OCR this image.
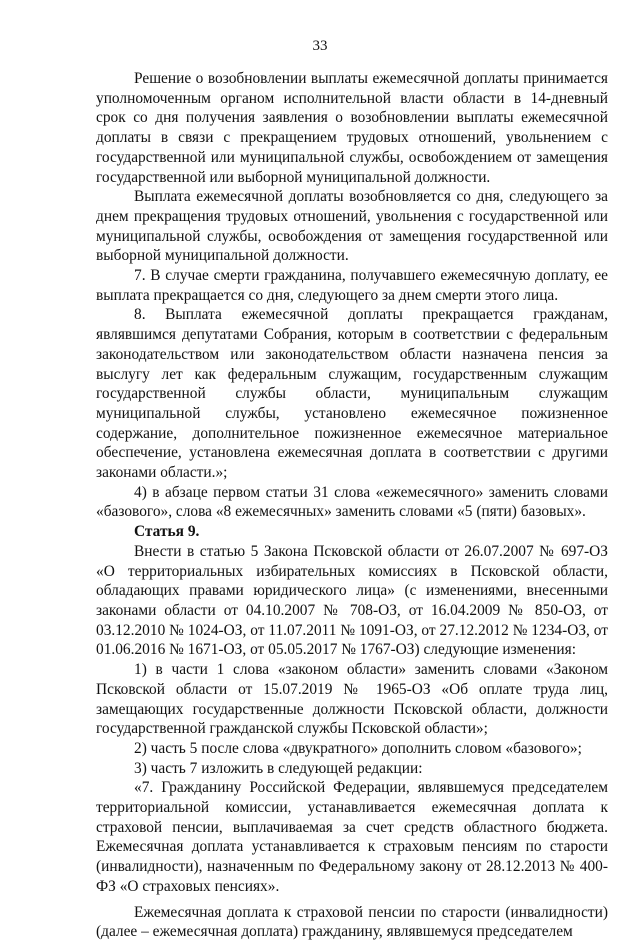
33

Решение о возобновлении выплаты ежемесячной доплаты принимается уполномоченным органом исполнительной власти области в 14-дневный срок со дня получения заявления о возобновлении выплаты ежемесячной доплаты в связи с прекращением трудовых отношений, увольнением с государственной или муниципальной службы, освобождением от замещения государственной или выборной муниципальной должности.

Выплата ежемесячной доплаты возобновляется со дня, следующего за днем прекращения трудовых отношений, увольнения с государственной или муниципальной службы, освобождения от замещения государственной или выборной муниципальной должности.

7. В случае смерти гражданина, получавшего ежемесячную доплату, ее выплата прекращается со дня, следующего за днем смерти этого лица.

8. Выплата ежемесячной доплаты прекращается гражданам, являвшимся депутатами Собрания, которым в соответствии с федеральным законодательством или законодательством области назначена пенсия за выслугу лет как федеральным служащим, государственным служащим государственной службы области, муниципальным служащим муниципальной службы, установлено ежемесячное пожизненное содержание, дополнительное пожизненное ежемесячное материальное обеспечение, установлена ежемесячная доплата в соответствии с другими законами области.»;

4) в абзаце первом статьи 31 слова «ежемесячного» заменить словами «базового», слова «8 ежемесячных» заменить словами «5 (пяти) базовых».

Статья 9.

Внести в статью 5 Закона Псковской области от 26.07.2007 № 697-ОЗ «О территориальных избирательных комиссиях в Псковской области, обладающих правами юридического лица» (с изменениями, внесенными законами области от 04.10.2007 № 708-ОЗ, от 16.04.2009 № 850-ОЗ, от 03.12.2010 № 1024-ОЗ, от 11.07.2011 № 1091-ОЗ, от 27.12.2012 № 1234-ОЗ, от 01.06.2016 № 1671-ОЗ, от 05.05.2017 № 1767-ОЗ) следующие изменения:

1) в части 1 слова «законом области» заменить словами «Законом Псковской области от 15.07.2019 № 1965-ОЗ «Об оплате труда лиц, замещающих государственные должности Псковской области, должности государственной гражданской службы Псковской области»;

2) часть 5 после слова «двукратного» дополнить словом «базового»;

3) часть 7 изложить в следующей редакции:

«7. Гражданину Российской Федерации, являвшемуся председателем территориальной комиссии, устанавливается ежемесячная доплата к страховой пенсии, выплачиваемая за счет средств областного бюджета. Ежемесячная доплата устанавливается к страховым пенсиям по старости (инвалидности), назначенным по Федеральному закону от 28.12.2013 № 400-ФЗ «О страховых пенсиях».

Ежемесячная доплата к страховой пенсии по старости (инвалидности) (далее – ежемесячная доплата) гражданину, являвшемуся председателем
